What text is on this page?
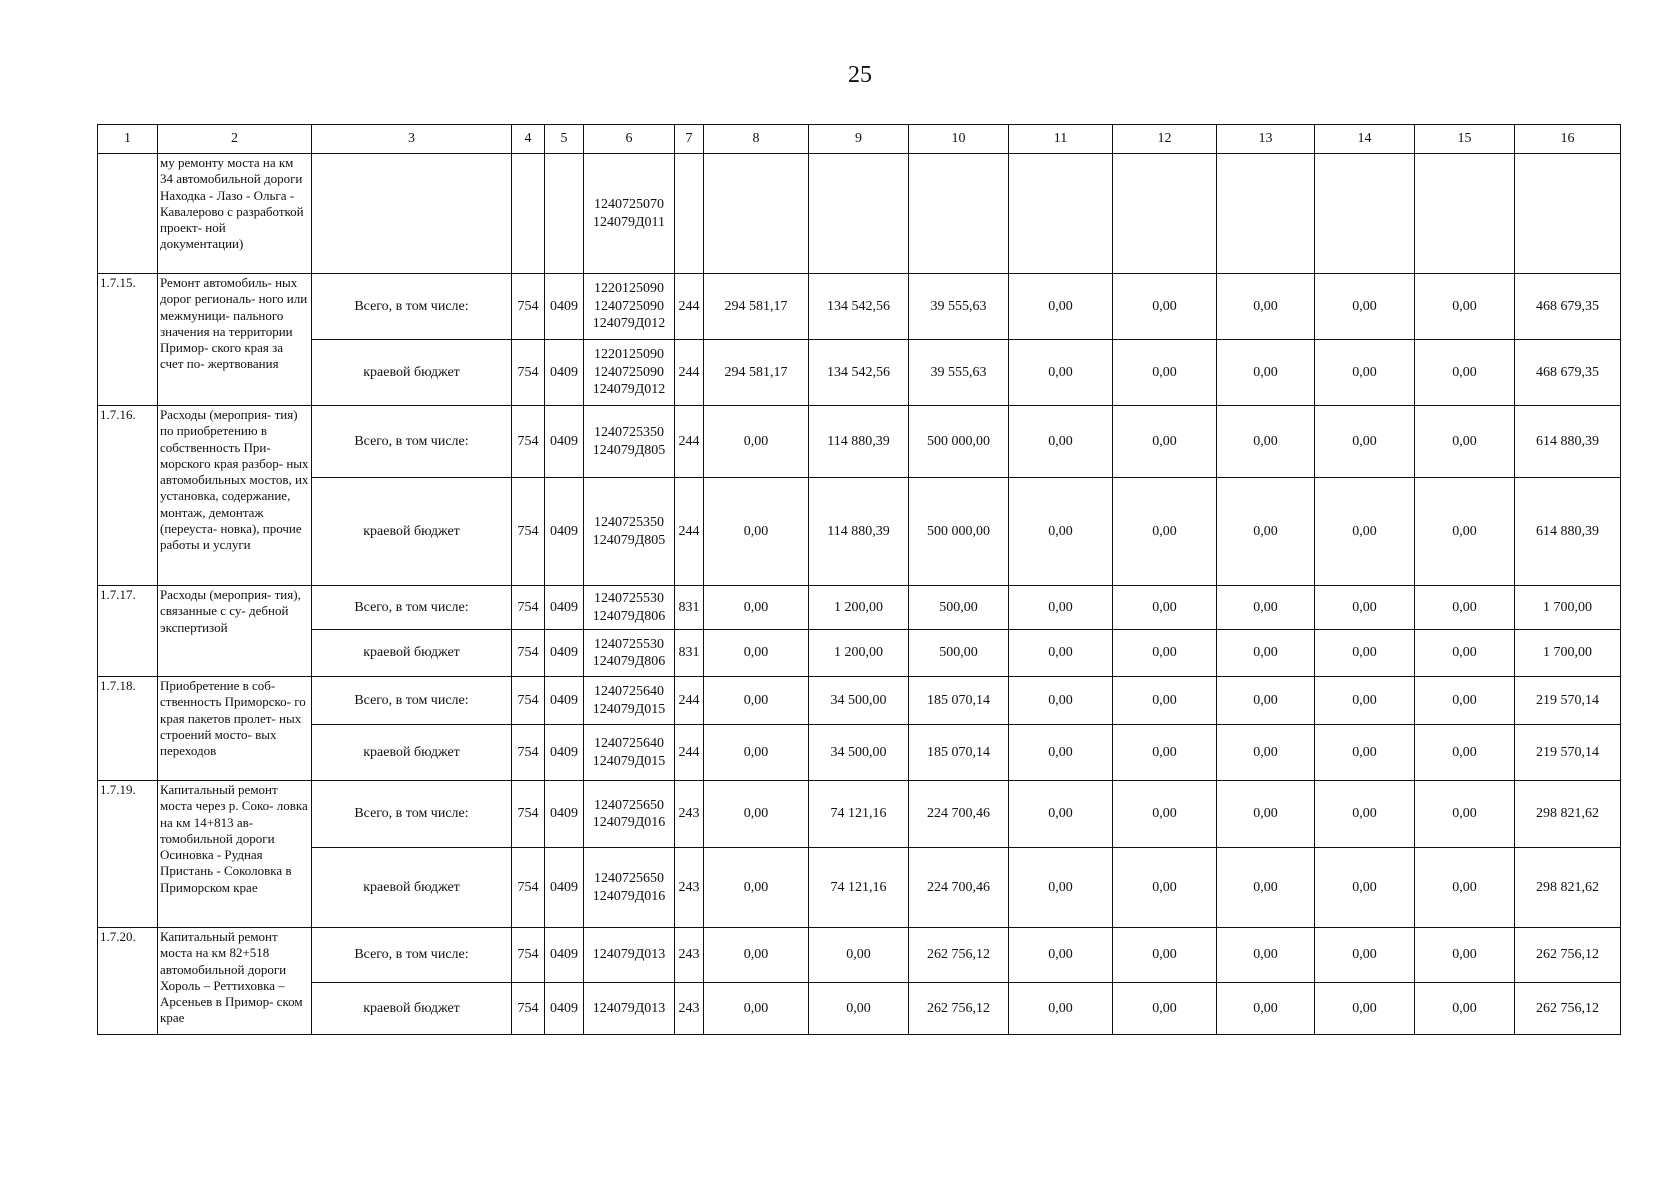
25
1	2	3	4	5	6	7	8	9	10	11	12	13	14	15	16
	му ремонту моста на км 34 автомобильной дороги Находка - Лазо - Ольга - Кавалерово с разработкой проект- ной документации)				1240725070
124079Д011										
1.7.15.	Ремонт автомобиль- ных дорог региональ- ного или межмуници- пального значения на территории Примор- ского края за счет по- жертвования	Всего, в том числе:	754	0409	1220125090
1240725090
124079Д012	244	294 581,17	134 542,56	39 555,63	0,00	0,00	0,00	0,00	0,00	468 679,35
		краевой бюджет	754	0409	1220125090
1240725090
124079Д012	244	294 581,17	134 542,56	39 555,63	0,00	0,00	0,00	0,00	0,00	468 679,35
1.7.16.	Расходы (мероприя- тия) по приобретению в собственность При- морского края разбор- ных автомобильных мостов, их установка, содержание, монтаж, демонтаж (переуста- новка), прочие работы и услуги	Всего, в том числе:	754	0409	1240725350
124079Д805	244	0,00	114 880,39	500 000,00	0,00	0,00	0,00	0,00	0,00	614 880,39
		краевой бюджет	754	0409	1240725350
124079Д805	244	0,00	114 880,39	500 000,00	0,00	0,00	0,00	0,00	0,00	614 880,39
1.7.17.	Расходы (мероприя- тия), связанные с су- дебной экспертизой	Всего, в том числе:	754	0409	1240725530
124079Д806	831	0,00	1 200,00	500,00	0,00	0,00	0,00	0,00	0,00	1 700,00
		краевой бюджет	754	0409	1240725530
124079Д806	831	0,00	1 200,00	500,00	0,00	0,00	0,00	0,00	0,00	1 700,00
1.7.18.	Приобретение в соб- ственность Приморско- го края пакетов пролет- ных строений мосто- вых переходов	Всего, в том числе:	754	0409	1240725640
124079Д015	244	0,00	34 500,00	185 070,14	0,00	0,00	0,00	0,00	0,00	219 570,14
		краевой бюджет	754	0409	1240725640
124079Д015	244	0,00	34 500,00	185 070,14	0,00	0,00	0,00	0,00	0,00	219 570,14
1.7.19.	Капитальный ремонт моста через р. Соко- ловка на км 14+813 ав- томобильной дороги Осиновка - Рудная Пристань - Соколовка в Приморском крае	Всего, в том числе:	754	0409	1240725650
124079Д016	243	0,00	74 121,16	224 700,46	0,00	0,00	0,00	0,00	0,00	298 821,62
		краевой бюджет	754	0409	1240725650
124079Д016	243	0,00	74 121,16	224 700,46	0,00	0,00	0,00	0,00	0,00	298 821,62
1.7.20.	Капитальный ремонт моста на км 82+518 автомобильной дороги Хороль – Реттиховка – Арсеньев в Примор- ском крае	Всего, в том числе:	754	0409	124079Д013	243	0,00	0,00	262 756,12	0,00	0,00	0,00	0,00	0,00	262 756,12
		краевой бюджет	754	0409	124079Д013	243	0,00	0,00	262 756,12	0,00	0,00	0,00	0,00	0,00	262 756,12
